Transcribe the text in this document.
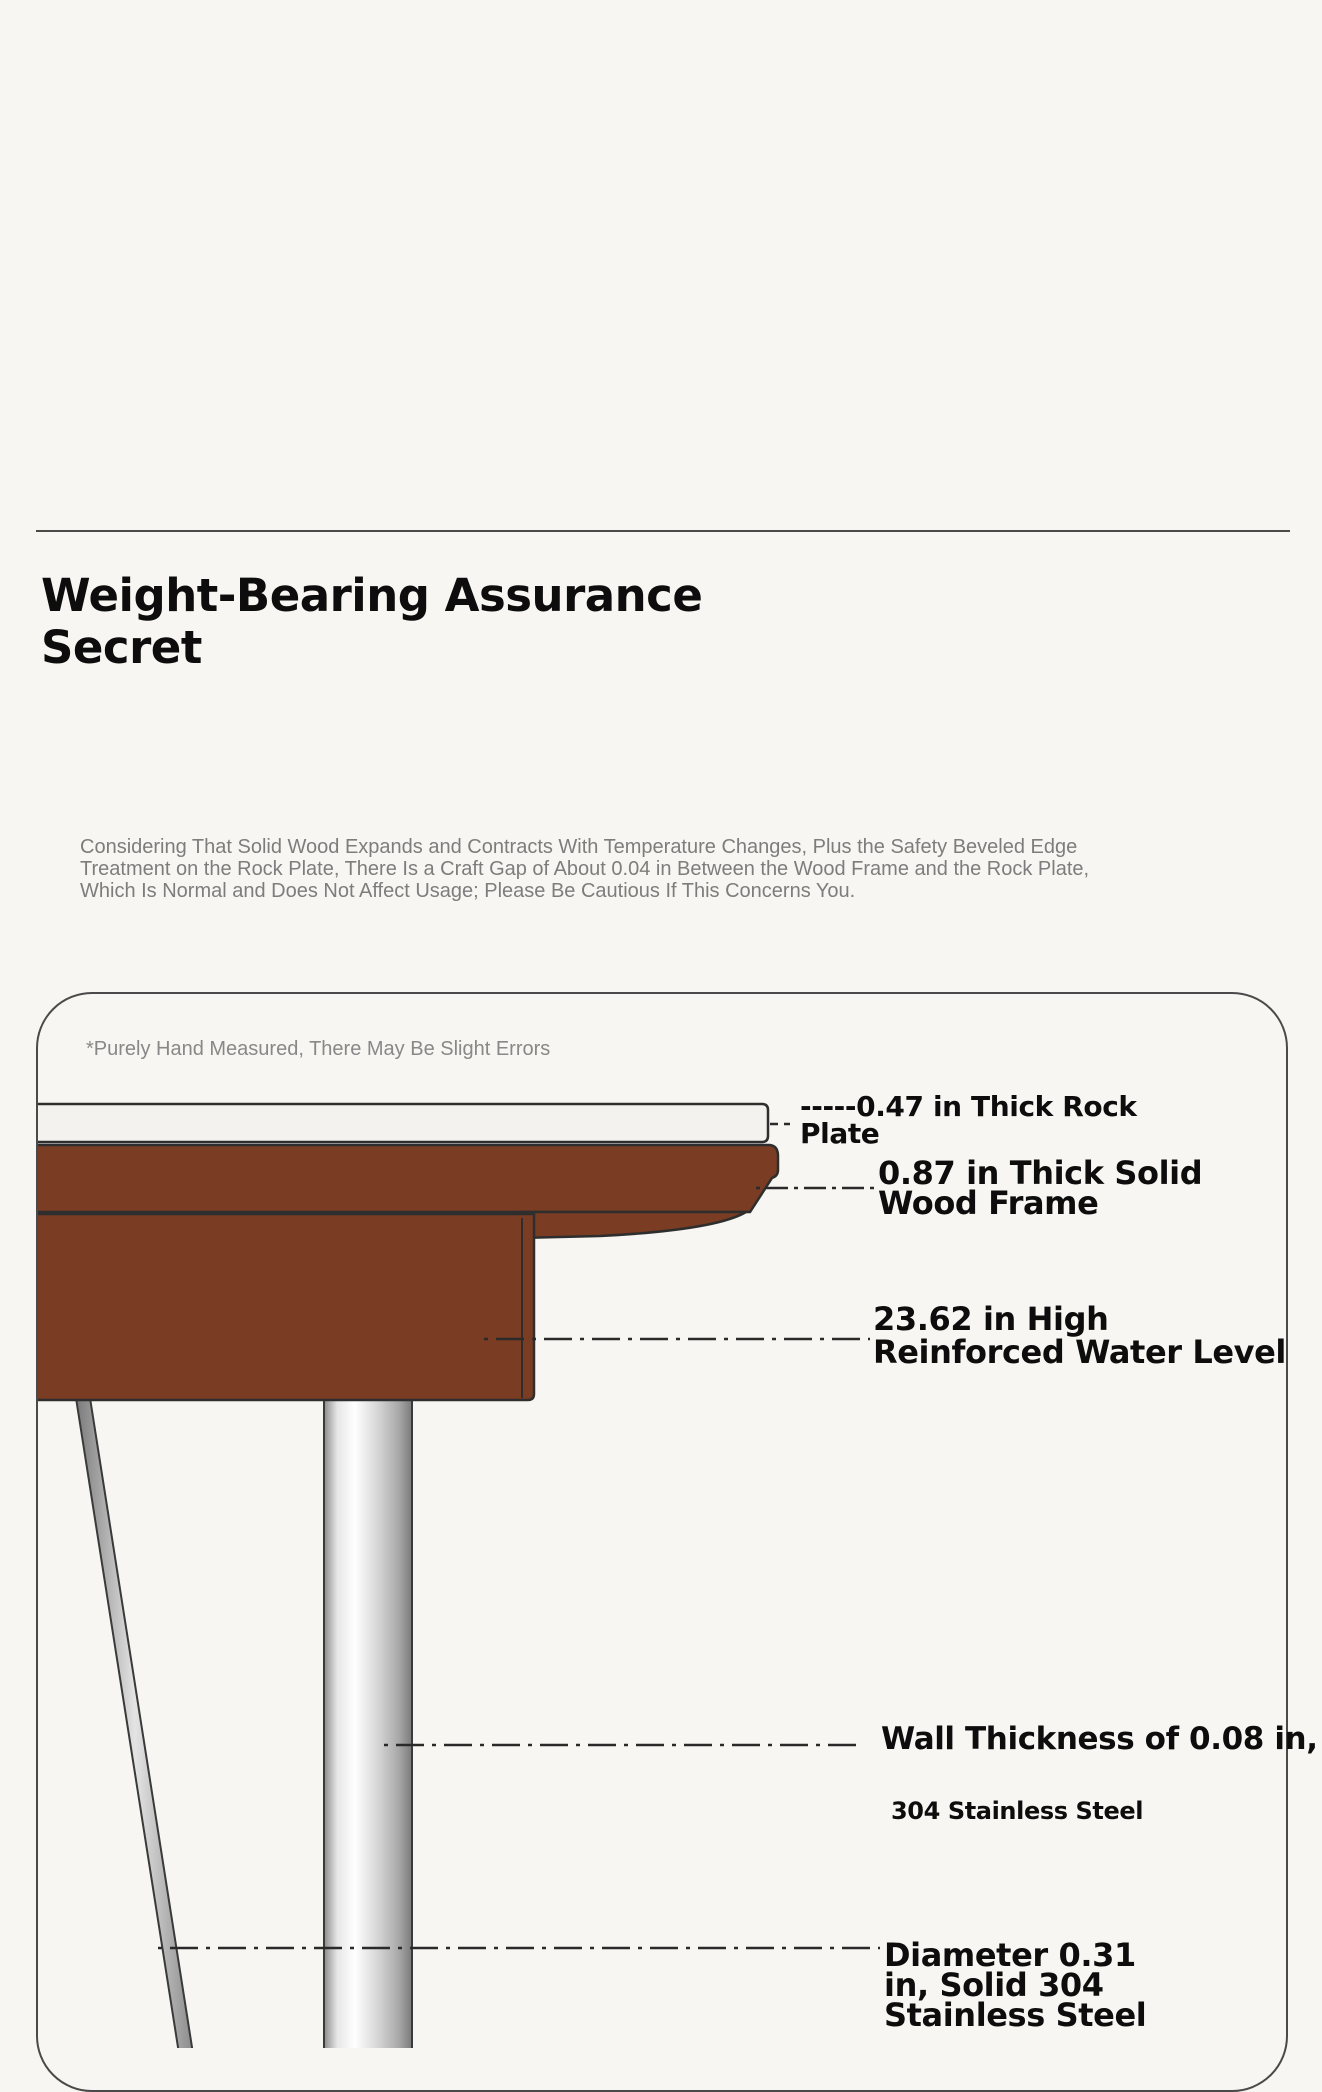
Weight-Bearing Assurance Secret

Considering That Solid Wood Expands and Contracts With Temperature Changes, Plus the Safety Beveled Edge Treatment on the Rock Plate, There Is a Craft Gap of About 0.04 in Between the Wood Frame and the Rock Plate, Which Is Normal and Does Not Affect Usage; Please Be Cautious If This Concerns You.

*Purely Hand Measured, There May Be Slight Errors

-----0.47 in Thick Rock Plate

0.87 in Thick Solid Wood Frame

23.62 in High Reinforced Water Level

Wall Thickness of 0.08 in,

304 Stainless Steel

Diameter 0.31 in, Solid 304 Stainless Steel
